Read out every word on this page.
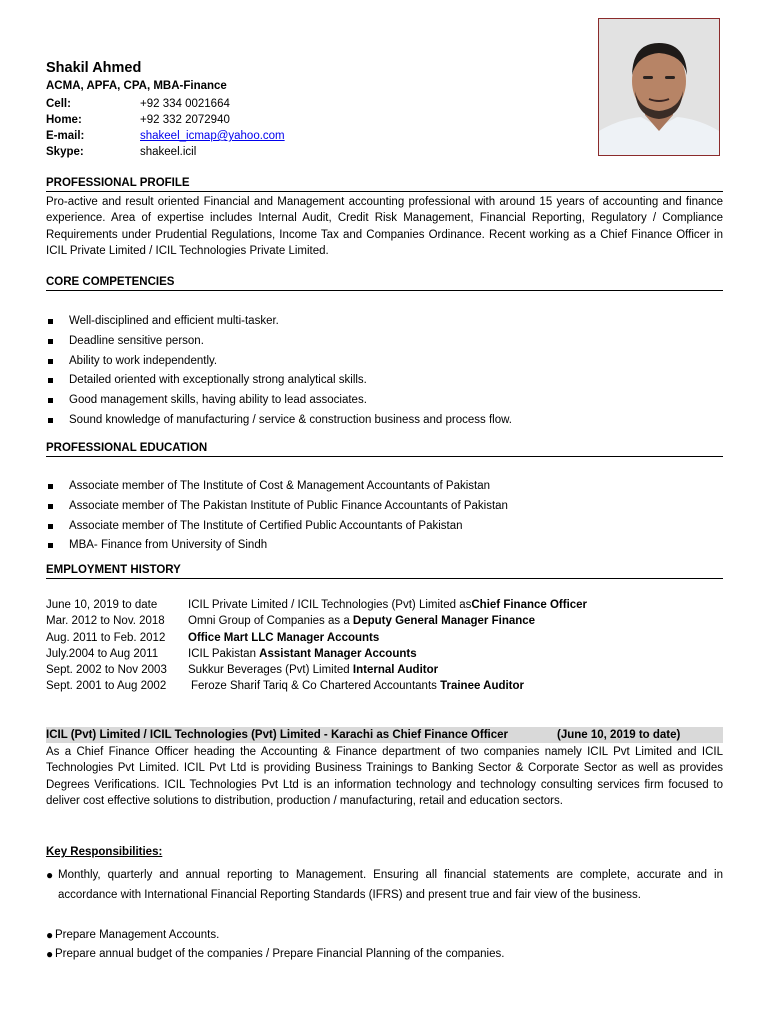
Shakil Ahmed
ACMA, APFA, CPA, MBA-Finance
Cell:	+92 334 0021664
Home:	+92 332 2072940
E-mail:	shakeel_icmap@yahoo.com
Skype:	shakeel.icil
PROFESSIONAL PROFILE
Pro-active and result oriented Financial and Management accounting professional with around 15 years of accounting and finance experience. Area of expertise includes Internal Audit, Credit Risk Management, Financial Reporting, Regulatory / Compliance Requirements under Prudential Regulations, Income Tax and Companies Ordinance. Recent working as a Chief Finance Officer in ICIL Private Limited / ICIL Technologies Private Limited.
CORE COMPETENCIES
Well-disciplined and efficient multi-tasker.
Deadline sensitive person.
Ability to work independently.
Detailed oriented with exceptionally strong analytical skills.
Good management skills, having ability to lead associates.
Sound knowledge of manufacturing / service & construction business and process flow.
PROFESSIONAL EDUCATION
Associate member of The Institute of Cost & Management Accountants of Pakistan
Associate member of The Pakistan Institute of Public Finance Accountants of Pakistan
Associate member of The Institute of Certified Public Accountants of Pakistan
MBA- Finance from University of Sindh
EMPLOYMENT HISTORY
June 10, 2019 to date	ICIL Private Limited / ICIL Technologies (Pvt) Limited as Chief Finance Officer
Mar. 2012 to Nov. 2018	Omni Group of Companies as a Deputy General Manager Finance
Aug. 2011 to Feb. 2012	Office Mart LLC Manager Accounts
July.2004 to Aug 2011	ICIL Pakistan Assistant Manager Accounts
Sept. 2002 to Nov 2003	Sukkur Beverages (Pvt) Limited Internal Auditor
Sept. 2001 to Aug 2002	Feroze Sharif Tariq & Co Chartered Accountants Trainee Auditor
ICIL (Pvt) Limited / ICIL Technologies (Pvt) Limited - Karachi as Chief Finance Officer	(June 10, 2019 to date)
As a Chief Finance Officer heading the Accounting & Finance department of two companies namely ICIL Pvt Limited and ICIL Technologies Pvt Limited. ICIL Pvt Ltd is providing Business Trainings to Banking Sector & Corporate Sector as well as provides Degrees Verifications. ICIL Technologies Pvt Ltd is an information technology and technology consulting services firm focused to deliver cost effective solutions to distribution, production / manufacturing, retail and education sectors.
Key Responsibilities:
● Monthly, quarterly and annual reporting to Management. Ensuring all financial statements are complete, accurate and in accordance with International Financial Reporting Standards (IFRS) and present true and fair view of the business.
● Prepare Management Accounts.
● Prepare annual budget of the companies / Prepare Financial Planning of the companies.
